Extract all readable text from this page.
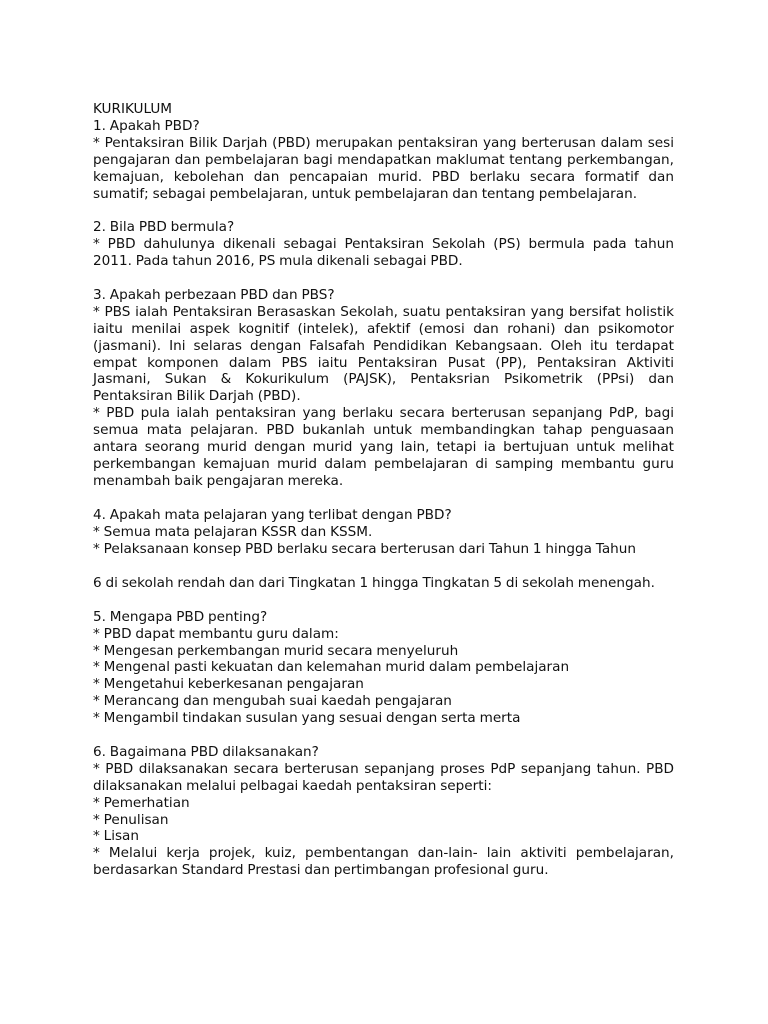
KURIKULUM
1. Apakah PBD?
* Pentaksiran Bilik Darjah (PBD) merupakan pentaksiran yang berterusan dalam sesi pengajaran dan pembelajaran bagi mendapatkan maklumat tentang perkembangan, kemajuan, kebolehan dan pencapaian murid. PBD berlaku secara formatif dan sumatif; sebagai pembelajaran, untuk pembelajaran dan tentang pembelajaran.
2. Bila PBD bermula?
* PBD dahulunya dikenali sebagai Pentaksiran Sekolah (PS) bermula pada tahun 2011. Pada tahun 2016, PS mula dikenali sebagai PBD.
3. Apakah perbezaan PBD dan PBS?
* PBS ialah Pentaksiran Berasaskan Sekolah, suatu pentaksiran yang bersifat holistik iaitu menilai aspek kognitif (intelek), afektif (emosi dan rohani) dan psikomotor (jasmani). Ini selaras dengan Falsafah Pendidikan Kebangsaan. Oleh itu terdapat empat komponen dalam PBS iaitu Pentaksiran Pusat (PP), Pentaksiran Aktiviti Jasmani, Sukan & Kokurikulum (PAJSK), Pentaksrian Psikometrik (PPsi) dan Pentaksiran Bilik Darjah (PBD).
* PBD pula ialah pentaksiran yang berlaku secara berterusan sepanjang PdP, bagi semua mata pelajaran. PBD bukanlah untuk membandingkan tahap penguasaan antara seorang murid dengan murid yang lain, tetapi ia bertujuan untuk melihat perkembangan kemajuan murid dalam pembelajaran di samping membantu guru menambah baik pengajaran mereka.
4. Apakah mata pelajaran yang terlibat dengan PBD?
* Semua mata pelajaran KSSR dan KSSM.
* Pelaksanaan konsep PBD berlaku secara berterusan dari Tahun 1 hingga Tahun
6 di sekolah rendah dan dari Tingkatan 1 hingga Tingkatan 5 di sekolah menengah.
5. Mengapa PBD penting?
* PBD dapat membantu guru dalam:
* Mengesan perkembangan murid secara menyeluruh
* Mengenal pasti kekuatan dan kelemahan murid dalam pembelajaran
* Mengetahui keberkesanan pengajaran
* Merancang dan mengubah suai kaedah pengajaran
* Mengambil tindakan susulan yang sesuai dengan serta merta
6. Bagaimana PBD dilaksanakan?
* PBD dilaksanakan secara berterusan sepanjang proses PdP sepanjang tahun. PBD dilaksanakan melalui pelbagai kaedah pentaksiran seperti:
* Pemerhatian
* Penulisan
* Lisan
* Melalui kerja projek, kuiz, pembentangan dan-lain- lain aktiviti pembelajaran, berdasarkan Standard Prestasi dan pertimbangan profesional guru.
